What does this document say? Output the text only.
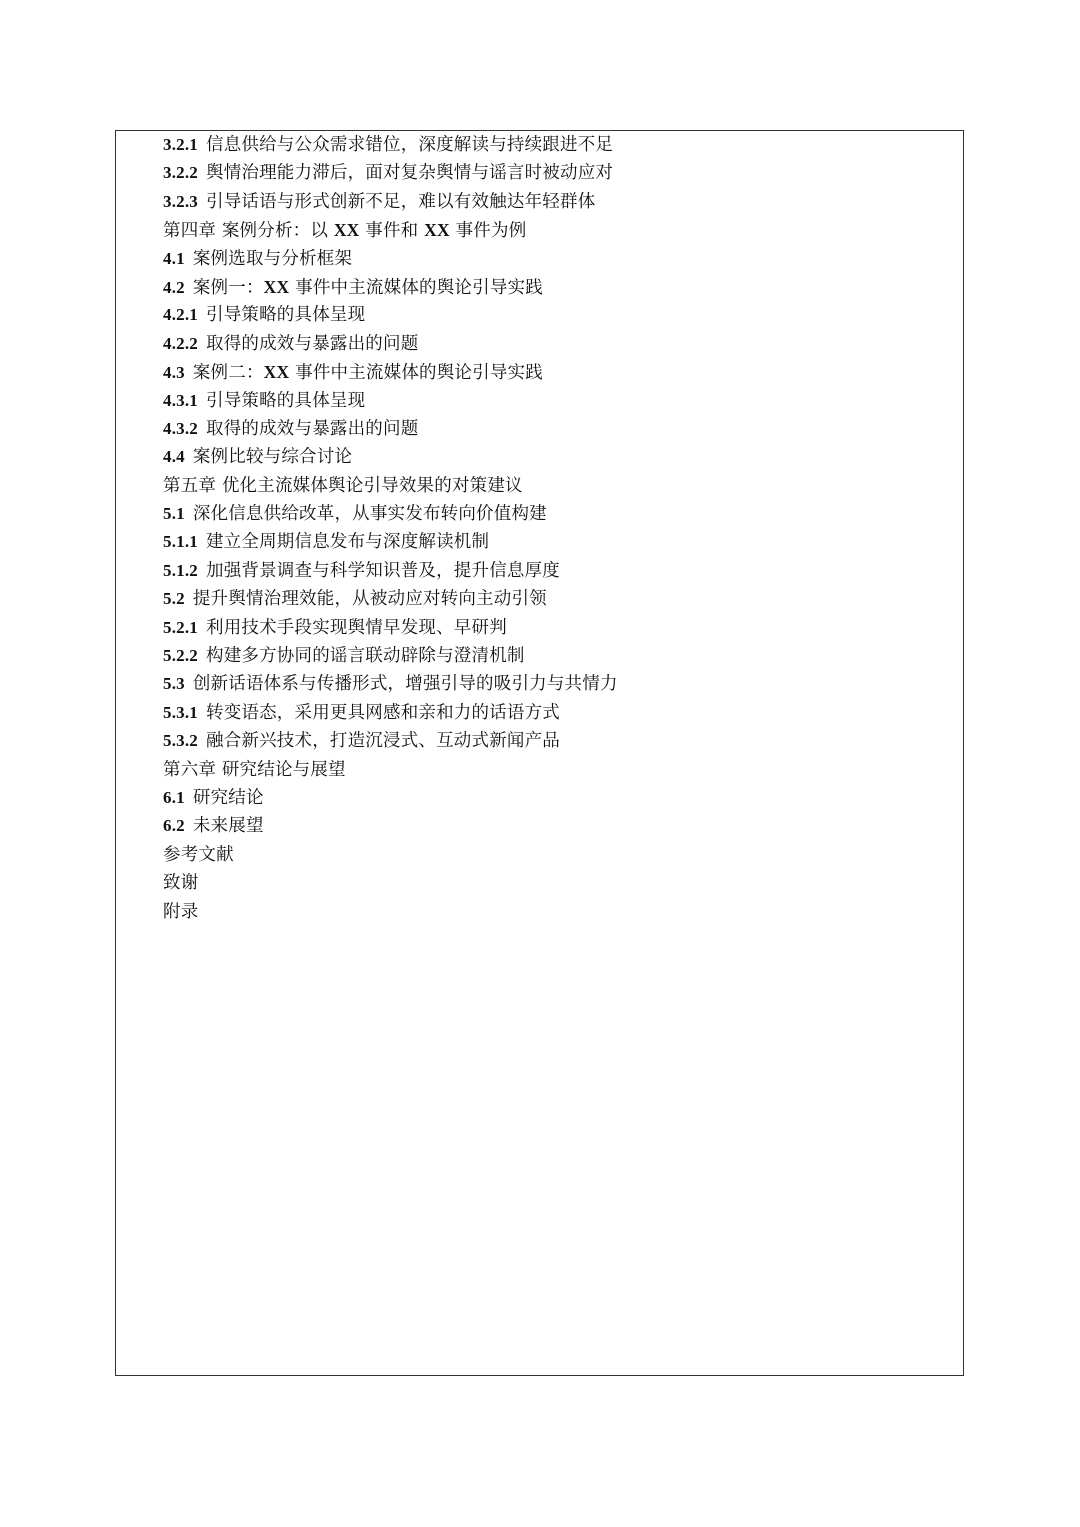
3.2.1 信息供给与公众需求错位，深度解读与持续跟进不足
3.2.2 舆情治理能力滞后，面对复杂舆情与谣言时被动应对
3.2.3 引导话语与形式创新不足，难以有效触达年轻群体
第四章 案例分析：以 XX 事件和 XX 事件为例
4.1 案例选取与分析框架
4.2 案例一：XX 事件中主流媒体的舆论引导实践
4.2.1 引导策略的具体呈现
4.2.2 取得的成效与暴露出的问题
4.3 案例二：XX 事件中主流媒体的舆论引导实践
4.3.1 引导策略的具体呈现
4.3.2 取得的成效与暴露出的问题
4.4 案例比较与综合讨论
第五章 优化主流媒体舆论引导效果的对策建议
5.1 深化信息供给改革，从事实发布转向价值构建
5.1.1 建立全周期信息发布与深度解读机制
5.1.2 加强背景调查与科学知识普及，提升信息厚度
5.2 提升舆情治理效能，从被动应对转向主动引领
5.2.1 利用技术手段实现舆情早发现、早研判
5.2.2 构建多方协同的谣言联动辟除与澄清机制
5.3 创新话语体系与传播形式，增强引导的吸引力与共情力
5.3.1 转变语态，采用更具网感和亲和力的话语方式
5.3.2 融合新兴技术，打造沉浸式、互动式新闻产品
第六章 研究结论与展望
6.1 研究结论
6.2 未来展望
参考文献
致谢
附录
